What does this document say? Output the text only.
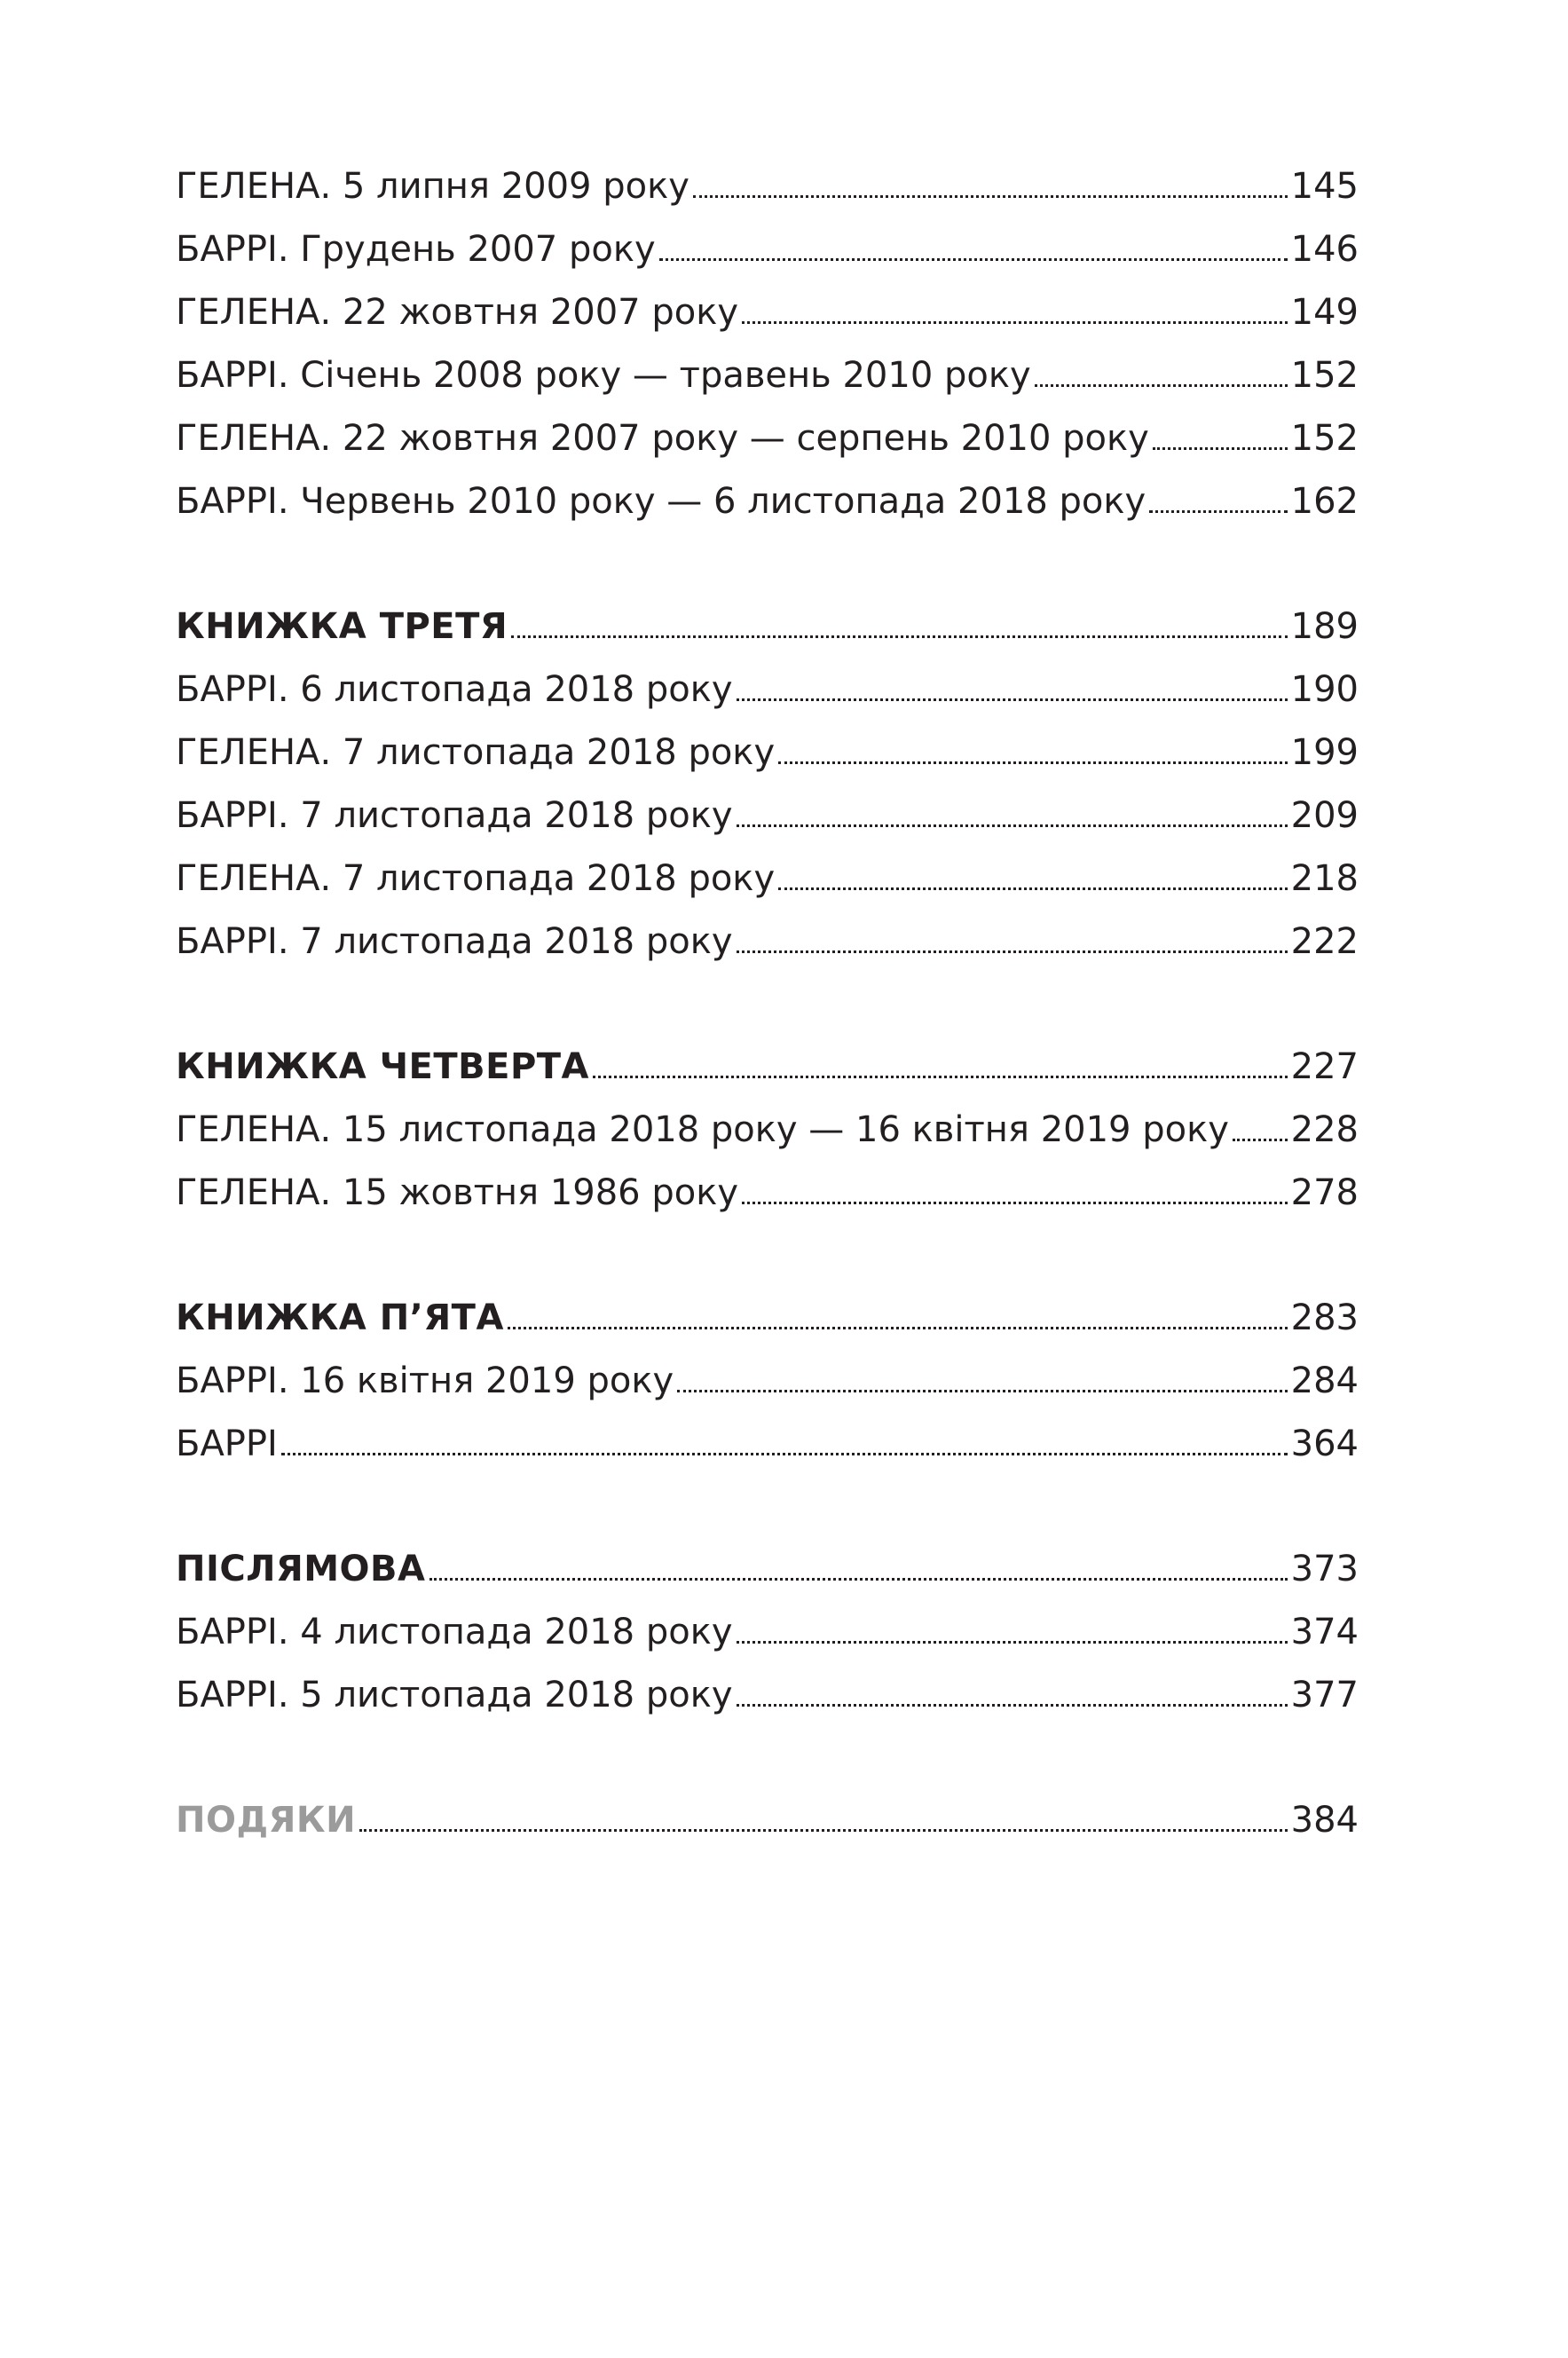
ГЕЛЕНА. 5 липня 2009 року	145
БАРРІ. Грудень 2007 року	146
ГЕЛЕНА. 22 жовтня 2007 року	149
БАРРІ. Січень 2008 року — травень 2010 року	152
ГЕЛЕНА. 22 жовтня 2007 року — серпень 2010 року	152
БАРРІ. Червень 2010 року — 6 листопада 2018 року	162
КНИЖКА ТРЕТЯ	189
БАРРІ. 6 листопада 2018 року	190
ГЕЛЕНА. 7 листопада 2018 року	199
БАРРІ. 7 листопада 2018 року	209
ГЕЛЕНА. 7 листопада 2018 року	218
БАРРІ. 7 листопада 2018 року	222
КНИЖКА ЧЕТВЕРТА	227
ГЕЛЕНА. 15 листопада 2018 року — 16 квітня 2019 року 228
ГЕЛЕНА. 15 жовтня 1986 року	278
КНИЖКА П’ЯТА	283
БАРРІ. 16 квітня 2019 року	284
БАРРІ	364
ПІСЛЯМОВА	373
БАРРІ. 4 листопада 2018 року	374
БАРРІ. 5 листопада 2018 року	377
ПОДЯКИ	384
